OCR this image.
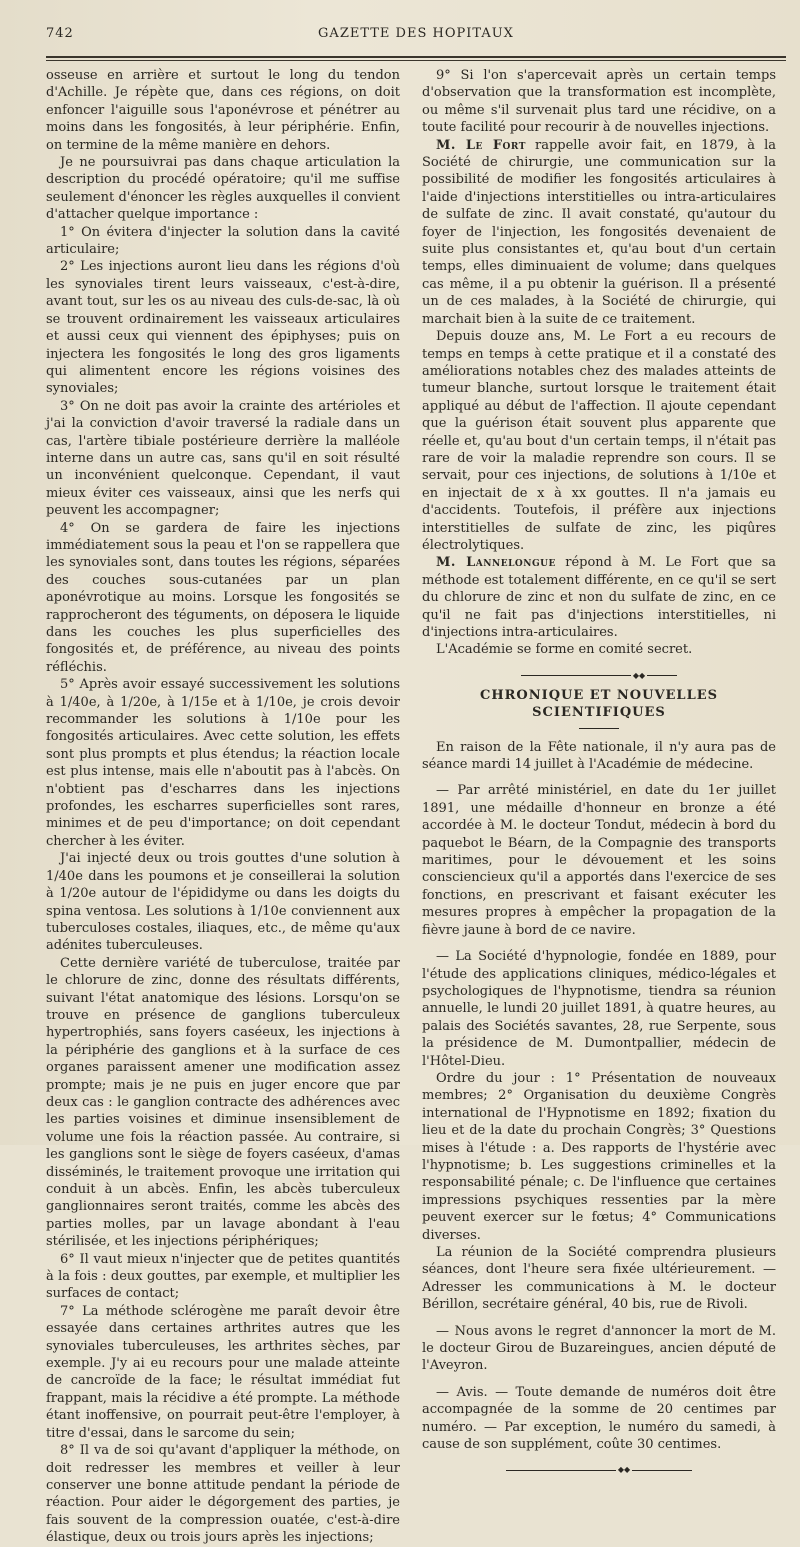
742	GAZETTE DES HOPITAUX

osseuse en arrière et surtout le long du tendon d'Achille. Je répète que, dans ces régions, on doit enfoncer l'aiguille sous l'aponévrose et pénétrer au moins dans les fongosités, à leur périphérie. Enfin, on termine de la même manière en dehors.

Je ne poursuivrai pas dans chaque articulation la description du procédé opératoire; qu'il me suffise seulement d'énoncer les règles auxquelles il convient d'attacher quelque importance :

1° On évitera d'injecter la solution dans la cavité articulaire;

2° Les injections auront lieu dans les régions d'où les synoviales tirent leurs vaisseaux, c'est-à-dire, avant tout, sur les os au niveau des culs-de-sac, là où se trouvent ordinairement les vaisseaux articulaires et aussi ceux qui viennent des épiphyses; puis on injectera les fongosités le long des gros ligaments qui alimentent encore les régions voisines des synoviales;

3° On ne doit pas avoir la crainte des artérioles et j'ai la conviction d'avoir traversé la radiale dans un cas, l'artère tibiale postérieure derrière la malléole interne dans un autre cas, sans qu'il en soit résulté un inconvénient quelconque. Cependant, il vaut mieux éviter ces vaisseaux, ainsi que les nerfs qui peuvent les accompagner;

4° On se gardera de faire les injections immédiatement sous la peau et l'on se rappellera que les synoviales sont, dans toutes les régions, séparées des couches sous-cutanées par un plan aponévrotique au moins. Lorsque les fongosités se rapprocheront des téguments, on déposera le liquide dans les couches les plus superficielles des fongosités et, de préférence, au niveau des points réfléchis.

5° Après avoir essayé successivement les solutions à 1/40e, à 1/20e, à 1/15e et à 1/10e, je crois devoir recommander les solutions à 1/10e pour les fongosités articulaires. Avec cette solution, les effets sont plus prompts et plus étendus; la réaction locale est plus intense, mais elle n'aboutit pas à l'abcès. On n'obtient pas d'escharres dans les injections profondes, les escharres superficielles sont rares, minimes et de peu d'importance; on doit cependant chercher à les éviter.

J'ai injecté deux ou trois gouttes d'une solution à 1/40e dans les poumons et je conseillerai la solution à 1/20e autour de l'épididyme ou dans les doigts du spina ventosa. Les solutions à 1/10e conviennent aux tuberculoses costales, iliaques, etc., de même qu'aux adénites tuberculeuses.

Cette dernière variété de tuberculose, traitée par le chlorure de zinc, donne des résultats différents, suivant l'état anatomique des lésions. Lorsqu'on se trouve en présence de ganglions tuberculeux hypertrophiés, sans foyers caséeux, les injections à la périphérie des ganglions et à la surface de ces organes paraissent amener une modification assez prompte; mais je ne puis en juger encore que par deux cas : le ganglion contracte des adhérences avec les parties voisines et diminue insensiblement de volume une fois la réaction passée. Au contraire, si les ganglions sont le siège de foyers caséeux, d'amas disséminés, le traitement provoque une irritation qui conduit à un abcès. Enfin, les abcès tuberculeux ganglionnaires seront traités, comme les abcès des parties molles, par un lavage abondant à l'eau stérilisée, et les injections périphériques;

6° Il vaut mieux n'injecter que de petites quantités à la fois : deux gouttes, par exemple, et multiplier les surfaces de contact;

7° La méthode sclérogène me paraît devoir être essayée dans certaines arthrites autres que les synoviales tuberculeuses, les arthrites sèches, par exemple. J'y ai eu recours pour une malade atteinte de cancroïde de la face; le résultat immédiat fut frappant, mais la récidive a été prompte. La méthode étant inoffensive, on pourrait peut-être l'employer, à titre d'essai, dans le sarcome du sein;

8° Il va de soi qu'avant d'appliquer la méthode, on doit redresser les membres et veiller à leur conserver une bonne attitude pendant la période de réaction. Pour aider le dégorgement des parties, je fais souvent de la compression ouatée, c'est-à-dire élastique, deux ou trois jours après les injections;

9° Si l'on s'apercevait après un certain temps d'observation que la transformation est incomplète, ou même s'il survenait plus tard une récidive, on a toute facilité pour recourir à de nouvelles injections.

M. Le Fort rappelle avoir fait, en 1879, à la Société de chirurgie, une communication sur la possibilité de modifier les fongosités articulaires à l'aide d'injections interstitielles ou intra-articulaires de sulfate de zinc. Il avait constaté, qu'autour du foyer de l'injection, les fongosités devenaient de suite plus consistantes et, qu'au bout d'un certain temps, elles diminuaient de volume; dans quelques cas même, il a pu obtenir la guérison. Il a présenté un de ces malades, à la Société de chirurgie, qui marchait bien à la suite de ce traitement.

Depuis douze ans, M. Le Fort a eu recours de temps en temps à cette pratique et il a constaté des améliorations notables chez des malades atteints de tumeur blanche, surtout lorsque le traitement était appliqué au début de l'affection. Il ajoute cependant que la guérison était souvent plus apparente que réelle et, qu'au bout d'un certain temps, il n'était pas rare de voir la maladie reprendre son cours. Il se servait, pour ces injections, de solutions à 1/10e et en injectait de x à xx gouttes. Il n'a jamais eu d'accidents. Toutefois, il préfère aux injections interstitielles de sulfate de zinc, les piqûres électrolytiques.

M. Lannelongue répond à M. Le Fort que sa méthode est totalement différente, en ce qu'il se sert du chlorure de zinc et non du sulfate de zinc, en ce qu'il ne fait pas d'injections interstitielles, ni d'injections intra-articulaires.

L'Académie se forme en comité secret.

◆◆
CHRONIQUE ET NOUVELLES SCIENTIFIQUES

En raison de la Fête nationale, il n'y aura pas de séance mardi 14 juillet à l'Académie de médecine.

— Par arrêté ministériel, en date du 1er juillet 1891, une médaille d'honneur en bronze a été accordée à M. le docteur Tondut, médecin à bord du paquebot le Béarn, de la Compagnie des transports maritimes, pour le dévouement et les soins consciencieux qu'il a apportés dans l'exercice de ses fonctions, en prescrivant et faisant exécuter les mesures propres à empêcher la propagation de la fièvre jaune à bord de ce navire.

— La Société d'hypnologie, fondée en 1889, pour l'étude des applications cliniques, médico-légales et psychologiques de l'hypnotisme, tiendra sa réunion annuelle, le lundi 20 juillet 1891, à quatre heures, au palais des Sociétés savantes, 28, rue Serpente, sous la présidence de M. Dumontpallier, médecin de l'Hôtel-Dieu.

Ordre du jour : 1° Présentation de nouveaux membres; 2° Organisation du deuxième Congrès international de l'Hypnotisme en 1892; fixation du lieu et de la date du prochain Congrès; 3° Questions mises à l'étude : a. Des rapports de l'hystérie avec l'hypnotisme; b. Les suggestions criminelles et la responsabilité pénale; c. De l'influence que certaines impressions psychiques ressenties par la mère peuvent exercer sur le fœtus; 4° Communications diverses.

La réunion de la Société comprendra plusieurs séances, dont l'heure sera fixée ultérieurement. — Adresser les communications à M. le docteur Bérillon, secrétaire général, 40 bis, rue de Rivoli.

— Nous avons le regret d'annoncer la mort de M. le docteur Girou de Buzareingues, ancien député de l'Aveyron.

— Avis. — Toute demande de numéros doit être accompagnée de la somme de 20 centimes par numéro. — Par exception, le numéro du samedi, à cause de son supplément, coûte 30 centimes.

◆◆
